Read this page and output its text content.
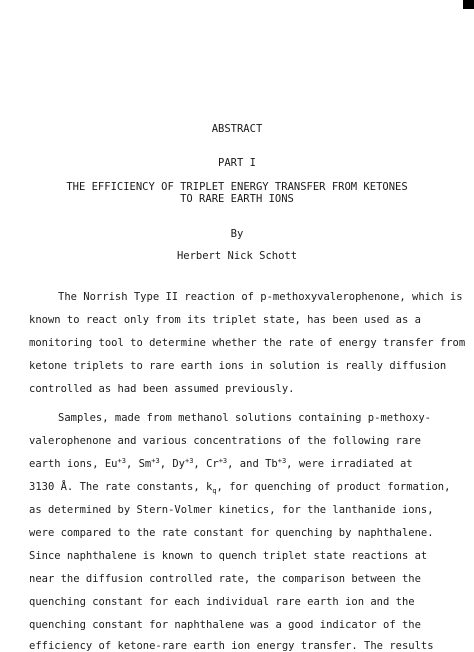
ABSTRACT
PART I
THE EFFICIENCY OF TRIPLET ENERGY TRANSFER FROM KETONES
TO RARE EARTH IONS
By
Herbert Nick Schott
The Norrish Type II reaction of p-methoxyvalerophenone, which is
known to react only from its triplet state, has been used as a
monitoring tool to determine whether the rate of energy transfer from
ketone triplets to rare earth ions in solution is really diffusion
controlled as had been assumed previously.
Samples, made from methanol solutions containing p-methoxy-
valerophenone and various concentrations of the following rare
earth ions, $Eu^{+3}$, $Sm^{+3}$, $Dy^{+3}$, $Cr^{+3}$, and $Tb^{+3}$, were irradiated at
3130 Å. The rate constants, $k_q$, for quenching of product formation,
as determined by Stern-Volmer kinetics, for the lanthanide ions,
were compared to the rate constant for quenching by naphthalene.
Since naphthalene is known to quench triplet state reactions at
near the diffusion controlled rate, the comparison between the
quenching constant for each individual rare earth ion and the
quenching constant for naphthalene was a good indicator of the
efficiency of ketone-rare earth ion energy transfer. The results
